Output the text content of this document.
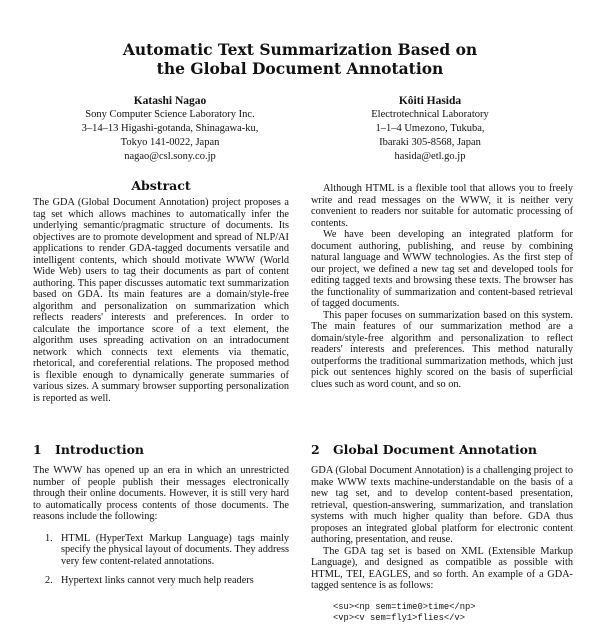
Automatic Text Summarization Based on
the Global Document Annotation
Katashi Nagao
Sony Computer Science Laboratory Inc.
3–14–13 Higashi-gotanda, Shinagawa-ku,
Tokyo 141-0022, Japan
nagao@csl.sony.co.jp
Kôiti Hasida
Electrotechnical Laboratory
1–1–4 Umezono, Tukuba,
Ibaraki 305-8568, Japan
hasida@etl.go.jp
Abstract

The GDA (Global Document Annotation) project proposes a tag set which allows machines to automatically infer the underlying semantic/pragmatic structure of documents. Its objectives are to promote development and spread of NLP/AI applications to render GDA-tagged documents versatile and intelligent contents, which should motivate WWW (World Wide Web) users to tag their documents as part of content authoring. This paper discusses automatic text summarization based on GDA. Its main features are a domain/style-free algorithm and personalization on summarization which reflects readers' interests and preferences. In order to calculate the importance score of a text element, the algorithm uses spreading activation on an intradocument network which connects text elements via thematic, rhetorical, and coreferential relations. The proposed method is flexible enough to dynamically generate summaries of various sizes. A summary browser supporting personalization is reported as well.

1 Introduction

The WWW has opened up an era in which an unrestricted number of people publish their messages electronically through their online documents. However, it is still very hard to automatically process contents of those documents. The reasons include the following:

1. HTML (HyperText Markup Language) tags mainly specify the physical layout of documents. They address very few content-related annotations.
2. Hypertext links cannot very much help readers

Although HTML is a flexible tool that allows you to freely write and read messages on the WWW, it is neither very convenient to readers nor suitable for automatic processing of contents.

We have been developing an integrated platform for document authoring, publishing, and reuse by combining natural language and WWW technologies. As the first step of our project, we defined a new tag set and developed tools for editing tagged texts and browsing these texts. The browser has the functionality of summarization and content-based retrieval of tagged documents.

This paper focuses on summarization based on this system. The main features of our summarization method are a domain/style-free algorithm and personalization to reflect readers' interests and preferences. This method naturally outperforms the traditional summarization methods, which just pick out sentences highly scored on the basis of superficial clues such as word count, and so on.

2 Global Document Annotation

GDA (Global Document Annotation) is a challenging project to make WWW texts machine-understandable on the basis of a new tag set, and to develop content-based presentation, retrieval, question-answering, summarization, and translation systems with much higher quality than before. GDA thus proposes an integrated global platform for electronic content authoring, presentation, and reuse.

The GDA tag set is based on XML (Extensible Markup Language), and designed as compatible as possible with HTML, TEI, EAGLES, and so forth. An example of a GDA-tagged sentence is as follows:

<su><np sem=time0>time</np>
<vp><v sem=fly1>flies</v>
